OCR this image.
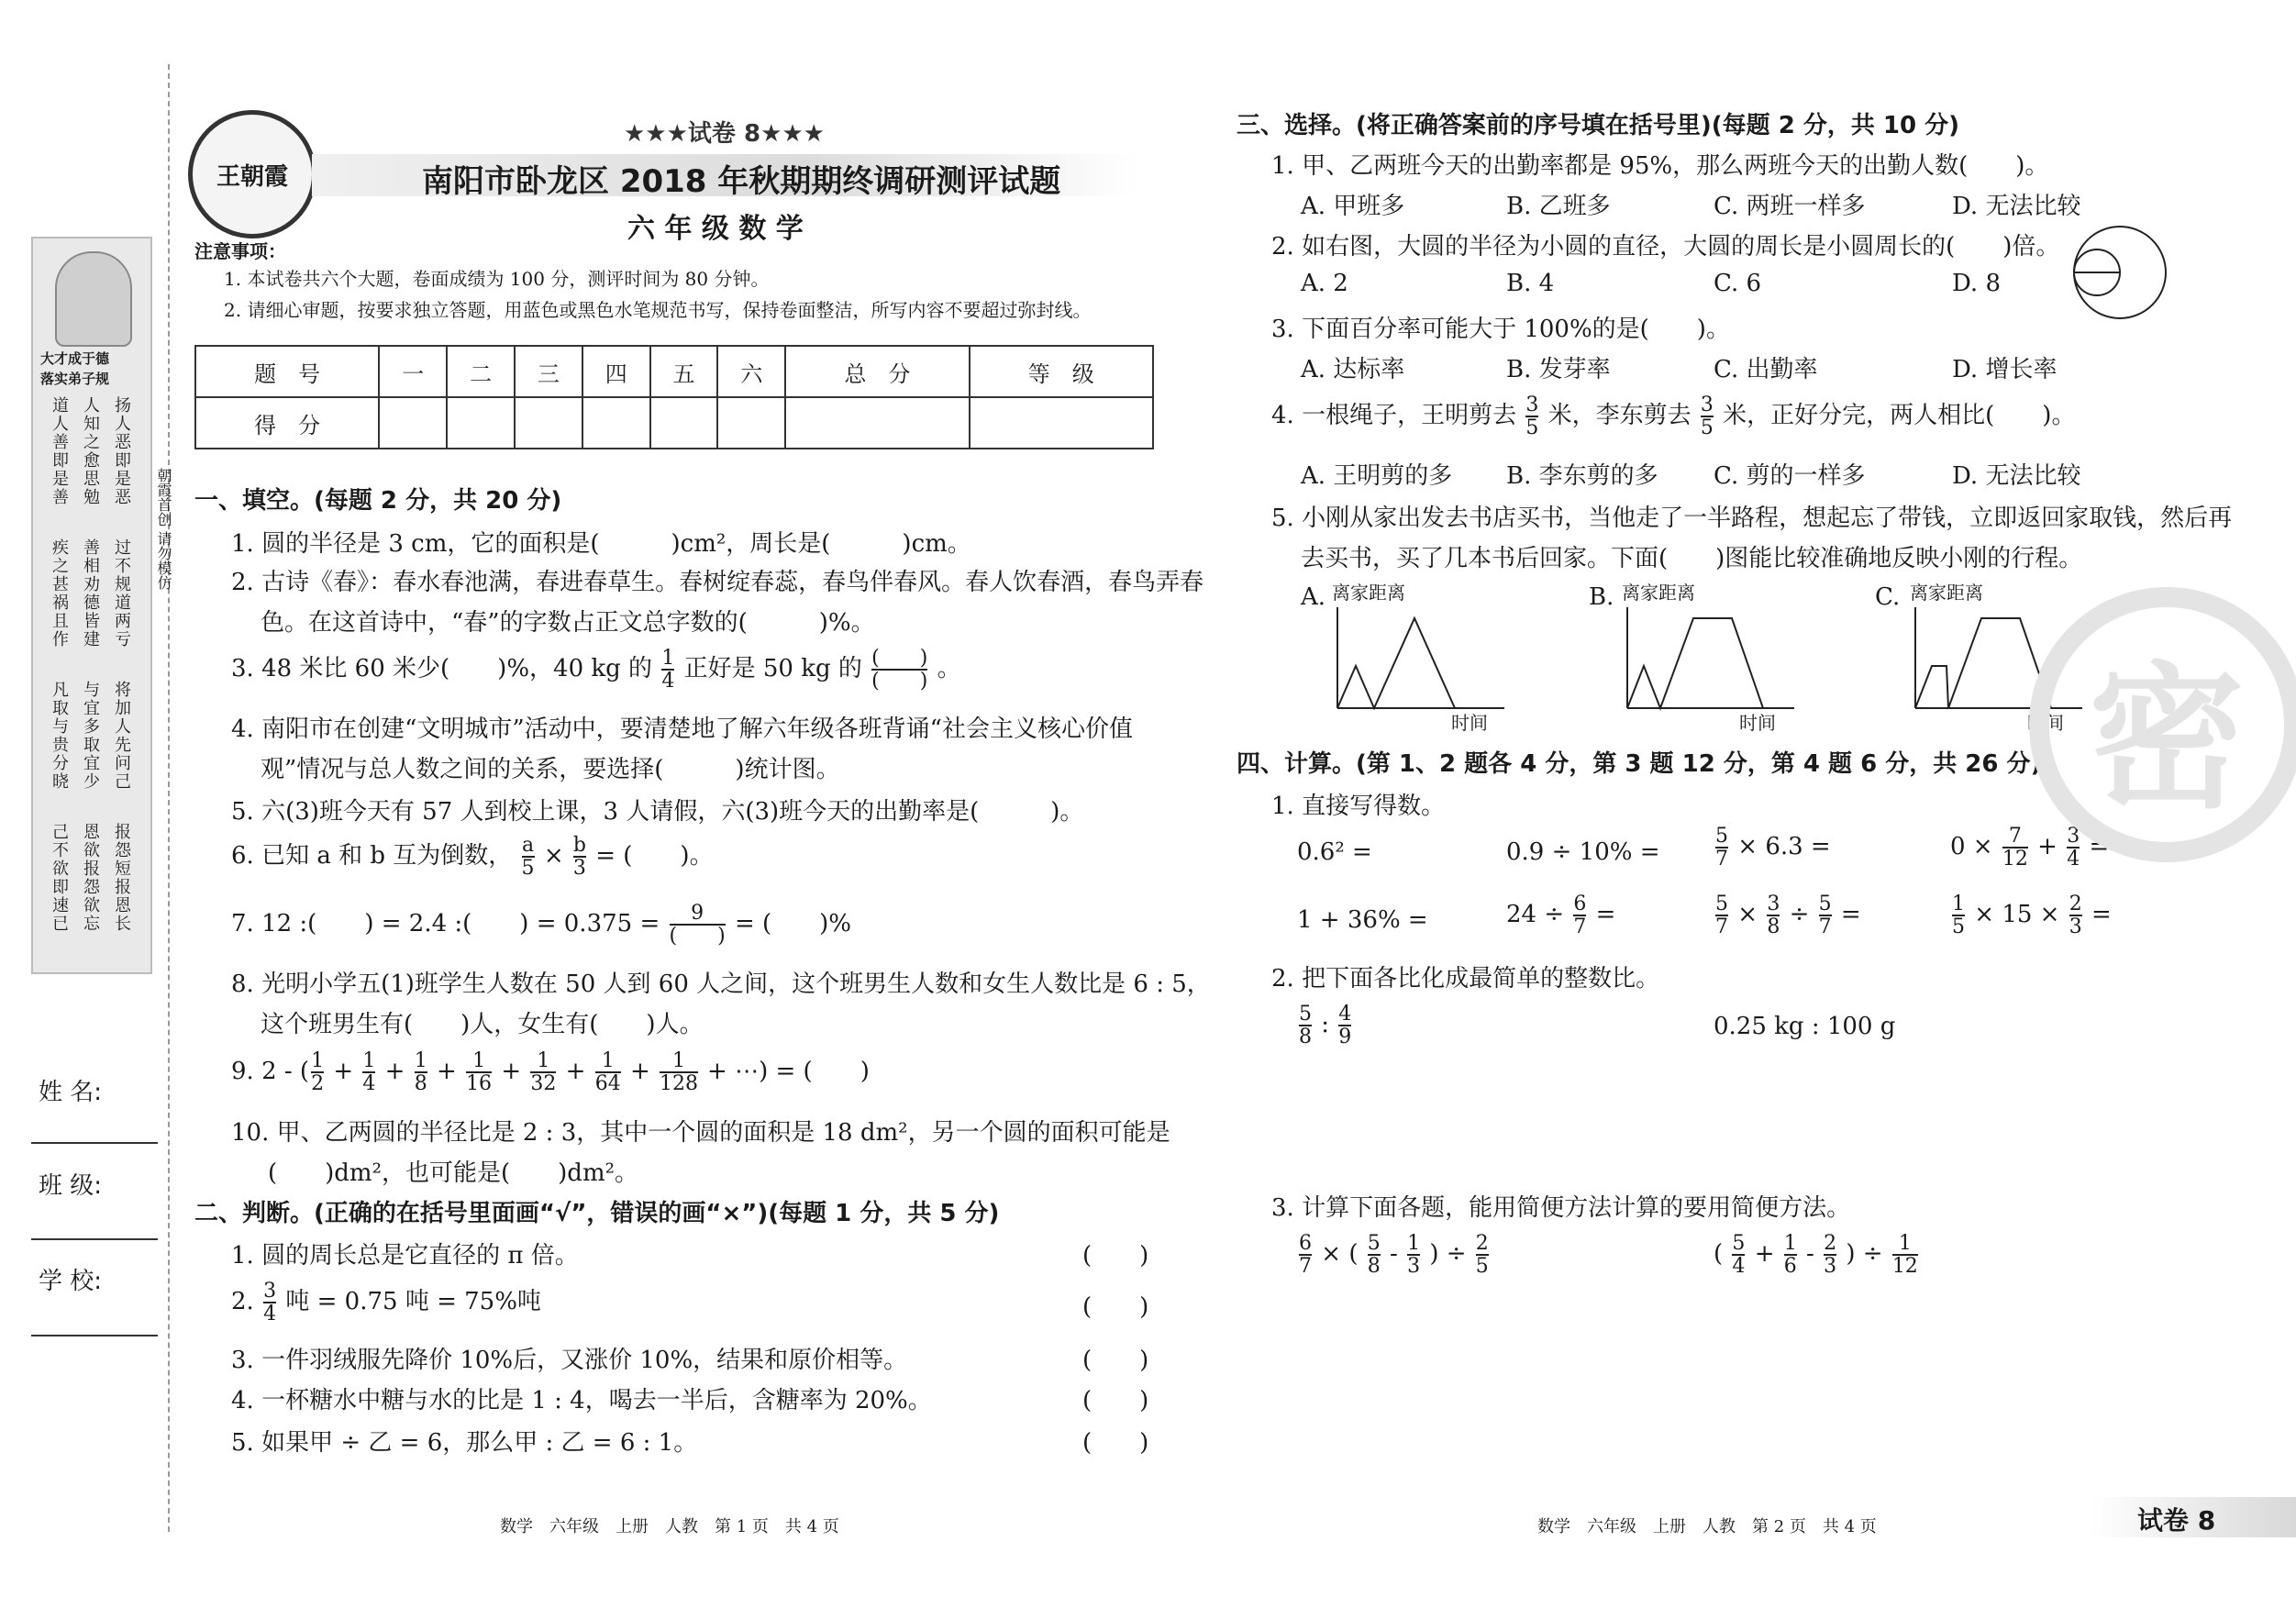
大才成于德
落实弟子规
道人善即是善 人知之愈思勉 扬人恶即是恶
疾之甚祸且作 善相劝德皆建 过不规道两亏
凡取与贵分晓 与宜多取宜少 将加人先问己
己不欲即速已 恩欲报怨欲忘 报怨短报恩长
朝霞首创 请勿模仿
姓 名:
班 级:
学 校:
王朝霞
★★★试卷 8★★★
南阳市卧龙区 2018 年秋期期终调研测评试题
六 年 级 数 学
注意事项：
1. 本试卷共六个大题，卷面成绩为 100 分，测评时间为 80 分钟。
2. 请细心审题，按要求独立答题，用蓝色或黑色水笔规范书写，保持卷面整洁，所写内容不要超过弥封线。
题　号	一	二	三	四	五	六	总　分	等　级
得　分								
一、填空。(每题 2 分，共 20 分)
1. 圆的半径是 3 cm，它的面积是(　　　)cm²，周长是(　　　)cm。
2. 古诗《春》：春水春池满，春进春草生。春树绽春蕊，春鸟伴春风。春人饮春酒，春鸟弄春
色。在这首诗中，“春”的字数占正文总字数的(　　　)%。
3. 48 米比 60 米少(　　)%，40 kg 的 $\frac{1}{4}$ 正好是 50 kg 的 $\frac{( )}{( )}$ 。
4. 南阳市在创建“文明城市”活动中，要清楚地了解六年级各班背诵“社会主义核心价值
观”情况与总人数之间的关系，要选择(　　　)统计图。
5. 六(3)班今天有 57 人到校上课，3 人请假，六(3)班今天的出勤率是(　　　)。
6. 已知 a 和 b 互为倒数， $\frac{a}{5} \times \frac{b}{3}$ = (　　)。
7. 12 :(　　) = 2.4 :(　　) = $0.375 = \frac{9}{( )}$ = (　　)%
8. 光明小学五(1)班学生人数在 50 人到 60 人之间，这个班男生人数和女生人数比是 6 : 5，
这个班男生有(　　)人，女生有(　　)人。
9. 2 - ( $\frac{1}{2} + \frac{1}{4} + \frac{1}{8} + \frac{1}{16} + \frac{1}{32} + \frac{1}{64} + \frac{1}{128}$ + ⋯) = (　　)
10. 甲、乙两圆的半径比是 2 : 3，其中一个圆的面积是 18 dm²，另一个圆的面积可能是
(　　)dm²，也可能是(　　)dm²。
二、判断。(正确的在括号里面画“√”，错误的画“×”)(每题 1 分，共 5 分)
1. 圆的周长总是它直径的 π 倍。
2. $\frac{3}{4}$ 吨 = 0.75 吨 = 75%吨
3. 一件羽绒服先降价 10%后，又涨价 10%，结果和原价相等。
4. 一杯糖水中糖与水的比是 1 : 4，喝去一半后，含糖率为 20%。
5. 如果甲 ÷ 乙 = 6，那么甲 : 乙 = 6 : 1。
(　　)
(　　)
(　　)
(　　)
(　　)
数学　六年级　上册　人教　第 1 页　共 4 页
三、选择。(将正确答案前的序号填在括号里)(每题 2 分，共 10 分)
1. 甲、乙两班今天的出勤率都是 95%，那么两班今天的出勤人数(　　)。
A. 甲班多	B. 乙班多	C. 两班一样多	D. 无法比较
2. 如右图，大圆的半径为小圆的直径，大圆的周长是小圆周长的(　　)倍。
A. 2	B. 4	C. 6	D. 8
3. 下面百分率可能大于 100%的是(　　)。
A. 达标率	B. 发芽率	C. 出勤率	D. 增长率
4. 一根绳子，王明剪去 $\frac{3}{5}$ 米，李东剪去 $\frac{3}{5}$ 米，正好分完，两人相比(　　)。
A. 王明剪的多 B. 李东剪的多 C. 剪的一样多	D. 无法比较
5. 小刚从家出发去书店买书，当他走了一半路程，想起忘了带钱，立即返回家取钱，然后再
去买书，买了几本书后回家。下面(　　)图能比较准确地反映小刚的行程。
A. 离家距离
时间
B. 离家距离
时间
C. 离家距离
时间
四、计算。(第 1、2 题各 4 分，第 3 题 12 分，第 4 题 6 分，共 26 分)
1. 直接写得数。
0.6² =	0.9 ÷ 10% =	$\frac{5}{7} \times 6.3$ =	$0 \times \frac{7}{12} + \frac{3}{4}$ =
1 + 36% =	$24 \div \frac{6}{7}$ =	$\frac{5}{7} \times \frac{3}{8} \div \frac{5}{7}$ =	$\frac{1}{5} \times 15 \times \frac{2}{3}$ =
2. 把下面各比化成最简单的整数比。
$\frac{5}{8}$ : $\frac{4}{9}$	0.25 kg : 100 g
3. 计算下面各题，能用简便方法计算的要用简便方法。
$\frac{6}{7}$ × ( $\frac{5}{8} - \frac{1}{3}$ ) ÷ $\frac{2}{5}$	( $\frac{5}{4} + \frac{1}{6} - \frac{2}{3}$ ) ÷ $\frac{1}{12}$
密
数学　六年级　上册　人教　第 2 页　共 4 页	试卷 8
